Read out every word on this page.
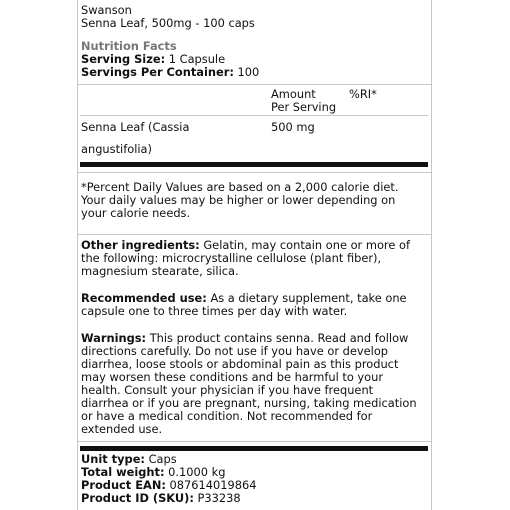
Swanson
Senna Leaf, 500mg - 100 caps
Nutrition Facts
Serving Size: 1 Capsule
Servings Per Container: 100
Amount
Per Serving
%RI*
Senna Leaf (Cassia	500 mg
angustifolia)
*Percent Daily Values are based on a 2,000 calorie diet. Your daily values may be higher or lower depending on your calorie needs.
Other ingredients: Gelatin, may contain one or more of the following: microcrystalline cellulose (plant fiber), magnesium stearate, silica.
Recommended use: As a dietary supplement, take one capsule one to three times per day with water.
Warnings: This product contains senna. Read and follow directions carefully. Do not use if you have or develop diarrhea, loose stools or abdominal pain as this product may worsen these conditions and be harmful to your health. Consult your physician if you have frequent diarrhea or if you are pregnant, nursing, taking medication or have a medical condition. Not recommended for extended use.
Unit type: Caps
Total weight: 0.1000 kg
Product EAN: 087614019864
Product ID (SKU): P33238
